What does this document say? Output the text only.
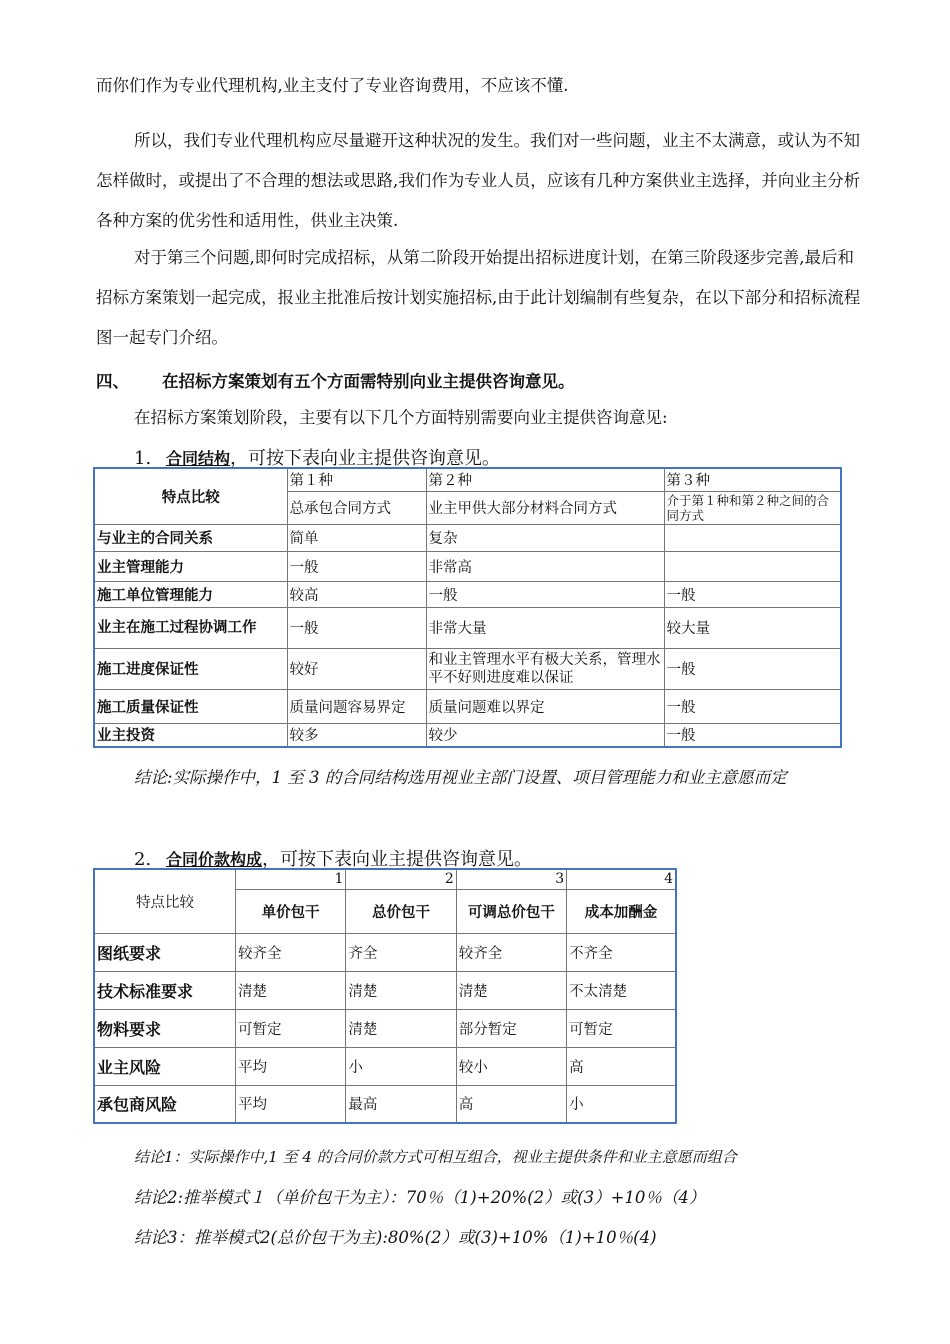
而你们作为专业代理机构,业主支付了专业咨询费用，不应该不懂.

所以，我们专业代理机构应尽量避开这种状况的发生。我们对一些问题，业主不太满意，或认为不知怎样做时，或提出了不合理的想法或思路,我们作为专业人员，应该有几种方案供业主选择，并向业主分析各种方案的优劣性和适用性，供业主决策.

对于第三个问题,即何时完成招标，从第二阶段开始提出招标进度计划，在第三阶段逐步完善,最后和招标方案策划一起完成，报业主批准后按计划实施招标,由于此计划编制有些复杂，在以下部分和招标流程图一起专门介绍。

四、 在招标方案策划有五个方面需特别向业主提供咨询意见。

在招标方案策划阶段，主要有以下几个方面特别需要向业主提供咨询意见:

1. 合同结构，可按下表向业主提供咨询意见。
特点比较	第１种	第２种	第３种
	总承包合同方式	业主甲供大部分材料合同方式	介于第１种和第２种之间的合同方式
与业主的合同关系	简单	复杂	
业主管理能力	一般	非常高	
施工单位管理能力	较高	一般	一般
业主在施工过程协调工作	一般	非常大量	较大量
施工进度保证性	较好	和业主管理水平有极大关系，管理水平不好则进度难以保证	一般
施工质量保证性	质量问题容易界定	质量问题难以界定	一般
业主投资	较多	较少	一般

结论:实际操作中，1 至 3 的合同结构选用视业主部门设置、项目管理能力和业主意愿而定

2. 合同价款构成，可按下表向业主提供咨询意见。
特点比较	1	2	3	4
	单价包干	总价包干	可调总价包干	成本加酬金
图纸要求	较齐全	齐全	较齐全	不齐全
技术标准要求	清楚	清楚	清楚	不太清楚
物料要求	可暂定	清楚	部分暂定	可暂定
业主风险	平均	小	较小	高
承包商风险	平均	最高	高	小
结论1：实际操作中,1 至 4 的合同价款方式可相互组合，视业主提供条件和业主意愿而组合
结论2:推举模式１（单价包干为主）：70％（1)+20%(2）或(3）+10％（4）
结论3：推举模式2(总价包干为主):80%(2）或(3)+10%（1)+10％(4)
